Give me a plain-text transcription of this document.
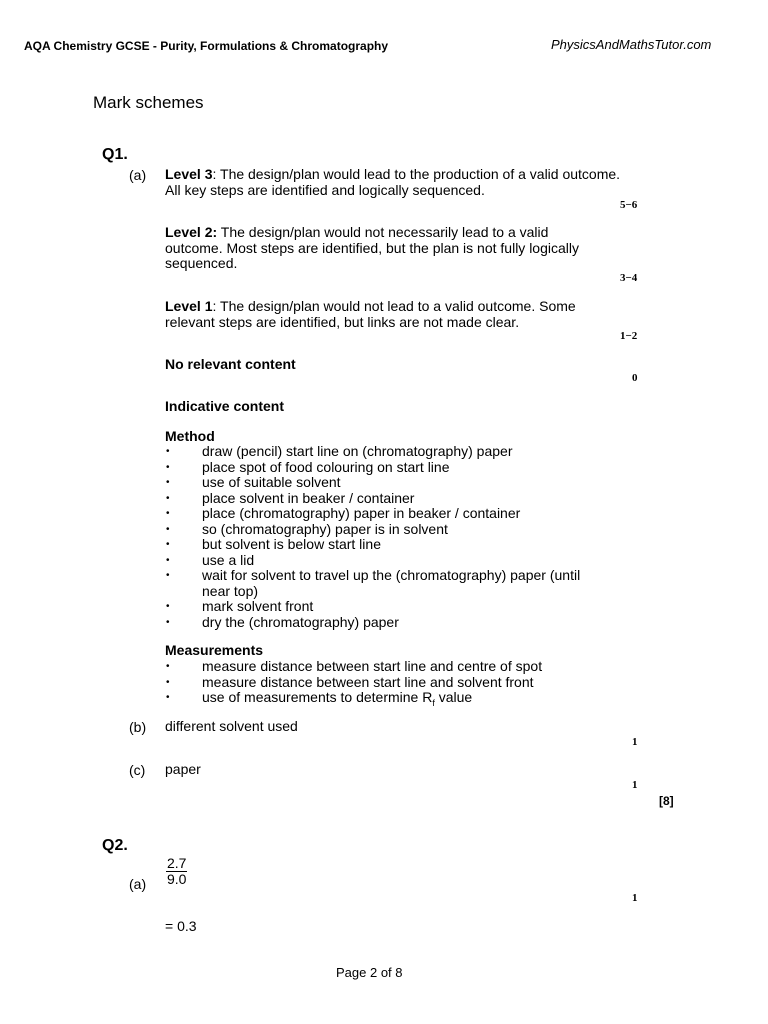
AQA Chemistry GCSE - Purity, Formulations & Chromatography	PhysicsAndMathsTutor.com
Mark schemes
Q1.
(a) Level 3: The design/plan would lead to the production of a valid outcome.
All key steps are identified and logically sequenced.
5−6
Level 2: The design/plan would not necessarily lead to a valid
outcome. Most steps are identified, but the plan is not fully logically
sequenced.
3−4
Level 1: The design/plan would not lead to a valid outcome. Some
relevant steps are identified, but links are not made clear.
1−2
No relevant content
0
Indicative content
Method
• draw (pencil) start line on (chromatography) paper
• place spot of food colouring on start line
• use of suitable solvent
• place solvent in beaker / container
• place (chromatography) paper in beaker / container
• so (chromatography) paper is in solvent
• but solvent is below start line
• use a lid
• wait for solvent to travel up the (chromatography) paper (until near top)
• mark solvent front
• dry the (chromatography) paper
Measurements
• measure distance between start line and centre of spot
• measure distance between start line and solvent front
• use of measurements to determine $R_f$ value
(b) different solvent used
1
(c) paper
1
[8]
Q2.
$\frac{2.7}{9.0}$
(a)
1
= 0.3
Page 2 of 8
